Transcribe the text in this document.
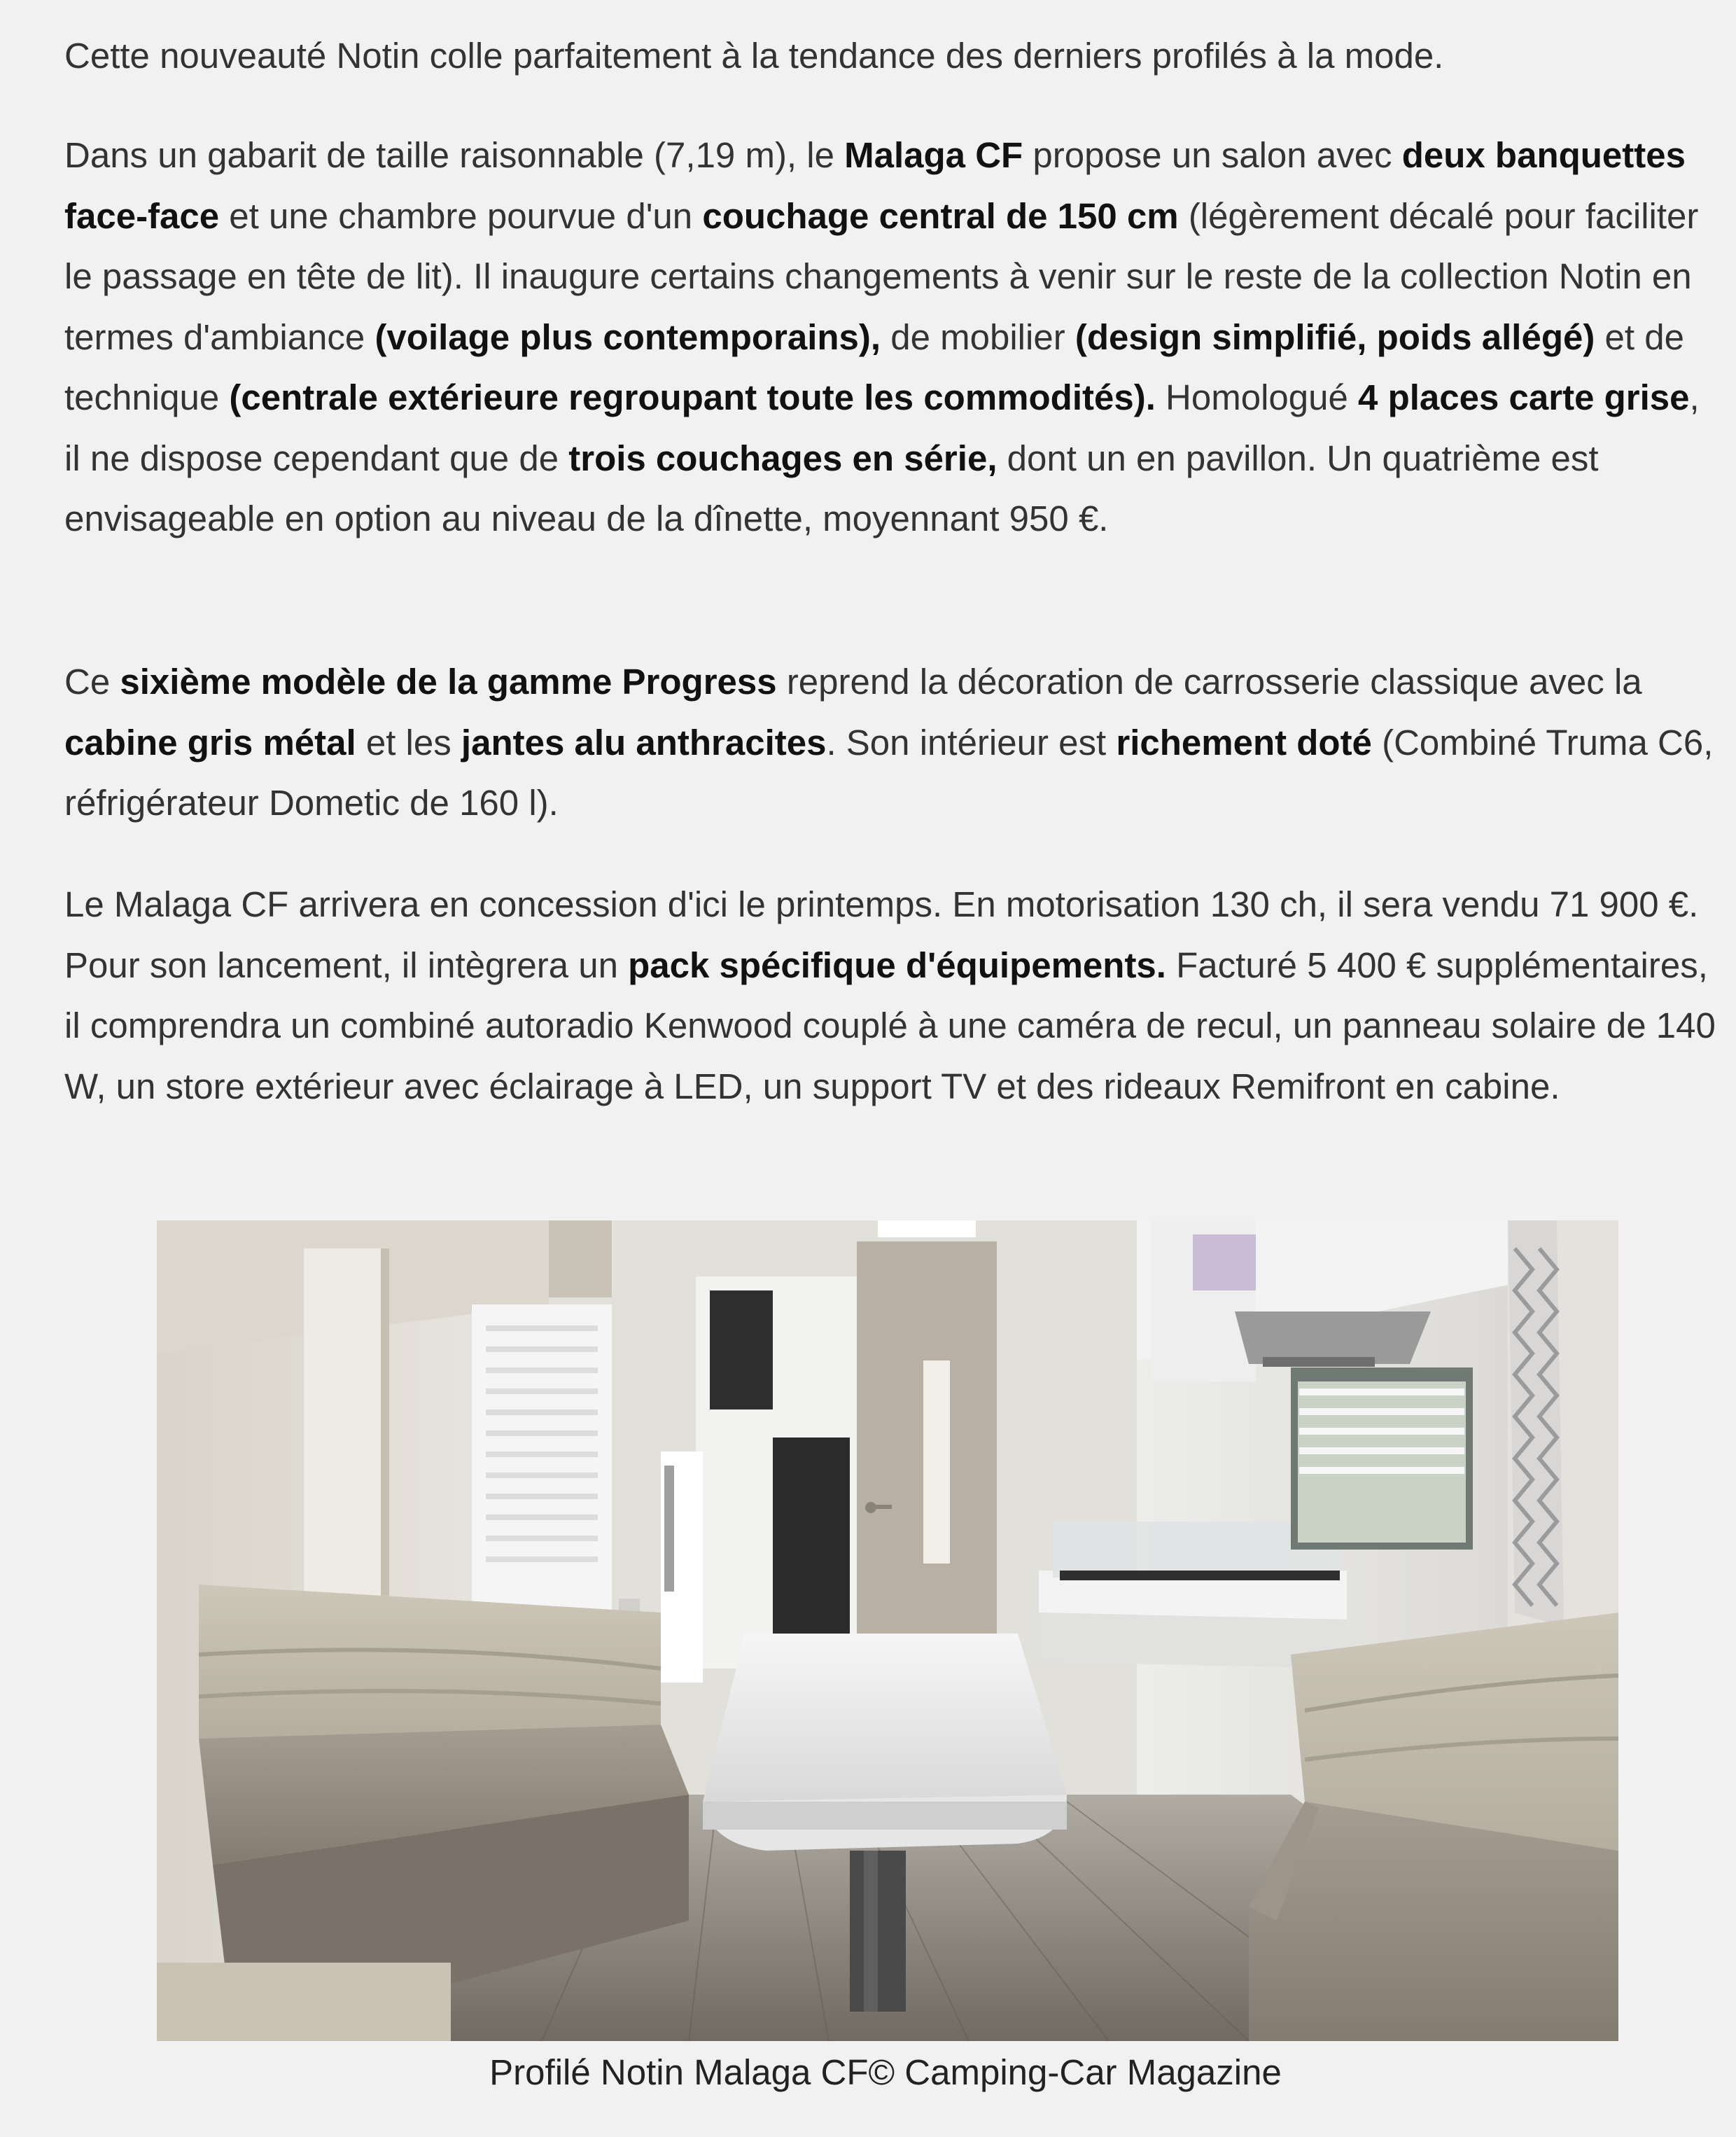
Cette nouveauté Notin colle parfaitement à la tendance des derniers profilés à la mode.

Dans un gabarit de taille raisonnable (7,19 m), le Malaga CF propose un salon avec deux banquettes face-face et une chambre pourvue d'un couchage central de 150 cm (légèrement décalé pour faciliter le passage en tête de lit). Il inaugure certains changements à venir sur le reste de la collection Notin en termes d'ambiance (voilage plus contemporains), de mobilier (design simplifié, poids allégé) et de technique (centrale extérieure regroupant toute les commodités). Homologué 4 places carte grise, il ne dispose cependant que de trois couchages en série, dont un en pavillon. Un quatrième est envisageable en option au niveau de la dînette, moyennant 950 €.

Ce sixième modèle de la gamme Progress reprend la décoration de carrosserie classique avec la cabine gris métal et les jantes alu anthracites. Son intérieur est richement doté (Combiné Truma C6, réfrigérateur Dometic de 160 l).

Le Malaga CF arrivera en concession d'ici le printemps. En motorisation 130 ch, il sera vendu 71 900 €. Pour son lancement, il intègrera un pack spécifique d'équipements. Facturé 5 400 € supplémentaires, il comprendra un combiné autoradio Kenwood couplé à une caméra de recul, un panneau solaire de 140 W, un store extérieur avec éclairage à LED, un support TV et des rideaux Remifront en cabine.

Profilé Notin Malaga CF© Camping-Car Magazine
